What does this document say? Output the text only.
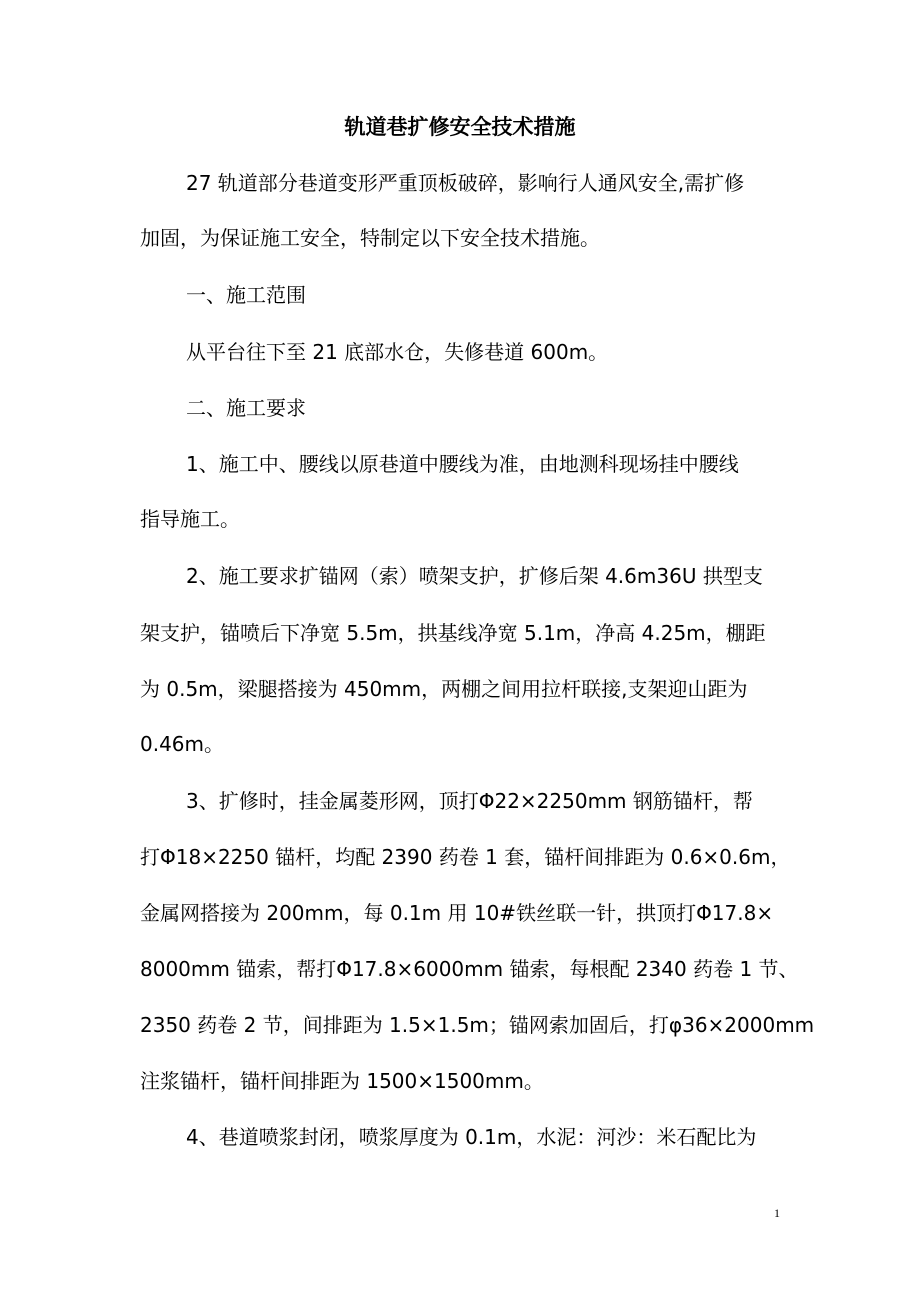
轨道巷扩修安全技术措施
27 轨道部分巷道变形严重顶板破碎，影响行人通风安全,需扩修
加固，为保证施工安全，特制定以下安全技术措施。
一、施工范围
从平台往下至 21 底部水仓，失修巷道 600m。
二、施工要求
1、施工中、腰线以原巷道中腰线为准，由地测科现场挂中腰线
指导施工。
2、施工要求扩锚网（索）喷架支护，扩修后架 4.6m36U 拱型支
架支护，锚喷后下净宽 5.5m，拱基线净宽 5.1m，净高 4.25m，棚距
为 0.5m，梁腿搭接为 450mm，两棚之间用拉杆联接,支架迎山距为
0.46m。
3、扩修时，挂金属菱形网，顶打Φ22×2250mm 钢筋锚杆，帮
打Φ18×2250 锚杆，均配 2390 药卷 1 套，锚杆间排距为 0.6×0.6m，
金属网搭接为 200mm，每 0.1m 用 10#铁丝联一针，拱顶打Φ17.8×
8000mm 锚索，帮打Φ17.8×6000mm 锚索，每根配 2340 药卷 1 节、
2350 药卷 2 节，间排距为 1.5×1.5m；锚网索加固后，打φ36×2000mm
注浆锚杆，锚杆间排距为 1500×1500mm。
4、巷道喷浆封闭，喷浆厚度为 0.1m，水泥：河沙：米石配比为
1
